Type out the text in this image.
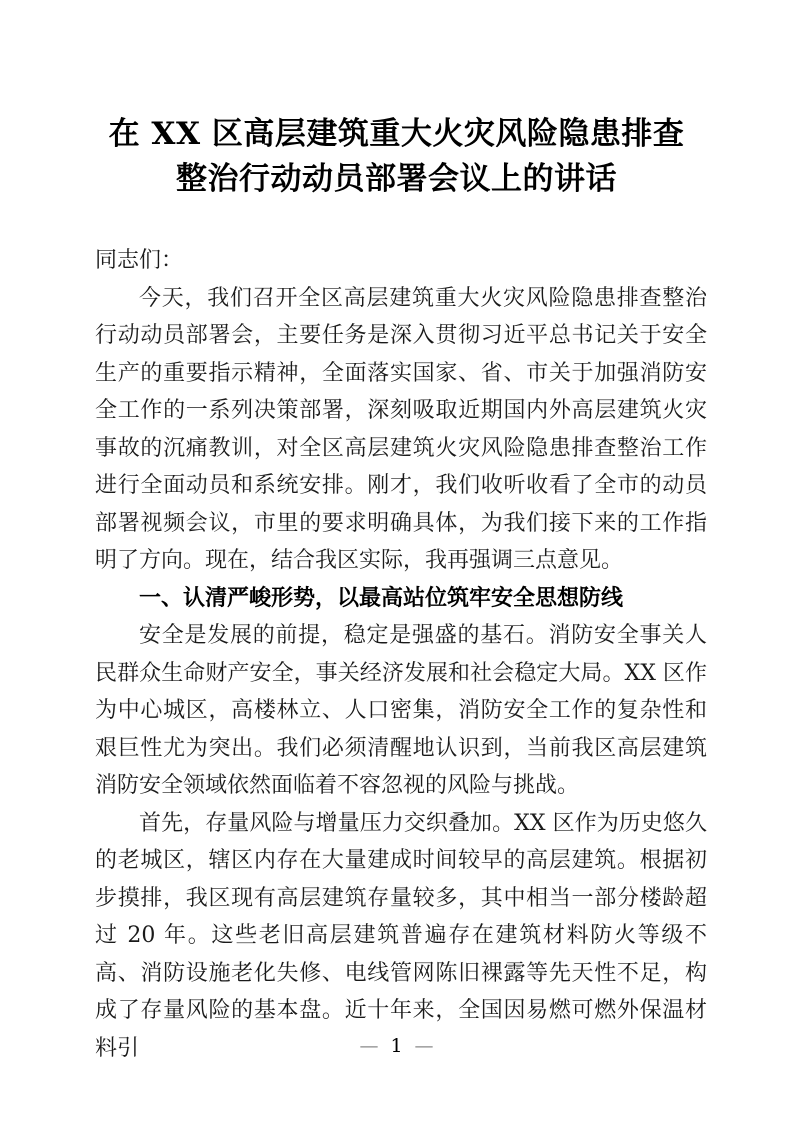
在 XX 区高层建筑重大火灾风险隐患排查
整治行动动员部署会议上的讲话

同志们：

今天，我们召开全区高层建筑重大火灾风险隐患排查整治行动动员部署会，主要任务是深入贯彻习近平总书记关于安全生产的重要指示精神，全面落实国家、省、市关于加强消防安全工作的一系列决策部署，深刻吸取近期国内外高层建筑火灾事故的沉痛教训，对全区高层建筑火灾风险隐患排查整治工作进行全面动员和系统安排。刚才，我们收听收看了全市的动员部署视频会议，市里的要求明确具体，为我们接下来的工作指明了方向。现在，结合我区实际，我再强调三点意见。

一、认清严峻形势，以最高站位筑牢安全思想防线

安全是发展的前提，稳定是强盛的基石。消防安全事关人民群众生命财产安全，事关经济发展和社会稳定大局。XX 区作为中心城区，高楼林立、人口密集，消防安全工作的复杂性和艰巨性尤为突出。我们必须清醒地认识到，当前我区高层建筑消防安全领域依然面临着不容忽视的风险与挑战。

首先，存量风险与增量压力交织叠加。XX 区作为历史悠久的老城区，辖区内存在大量建成时间较早的高层建筑。根据初步摸排，我区现有高层建筑存量较多，其中相当一部分楼龄超过 20 年。这些老旧高层建筑普遍存在建筑材料防火等级不高、消防设施老化失修、电线管网陈旧裸露等先天性不足，构成了存量风险的基本盘。近十年来，全国因易燃可燃外保温材料引	— 1 —
